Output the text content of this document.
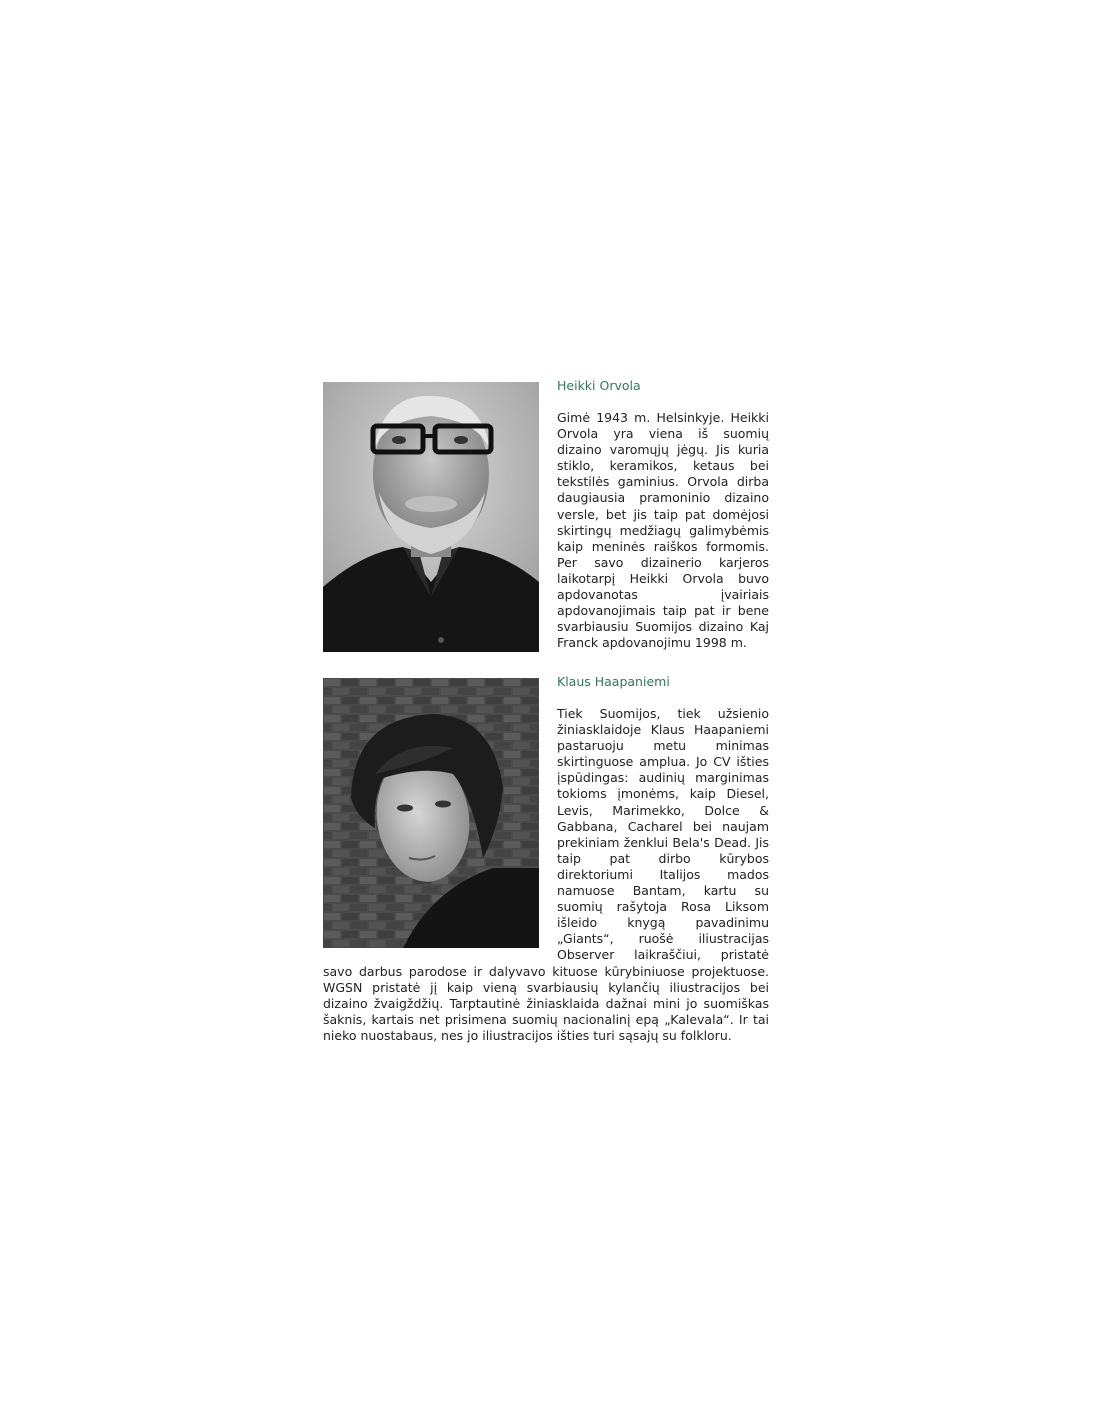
Heikki Orvola

Gimė 1943 m. Helsinkyje. Heikki Orvola yra viena iš suomių dizaino varomųjų jėgų. Jis kuria stiklo, keramikos, ketaus bei tekstilės gaminius. Orvola dirba daugiausia pramoninio dizaino versle, bet jis taip pat domėjosi skirtingų medžiagų galimybėmis kaip meninės raiškos formomis. Per savo dizainerio karjeros laikotarpį Heikki Orvola buvo apdovanotas įvairiais apdovanojimais taip pat ir bene svarbiausiu Suomijos dizaino Kaj Franck apdovanojimu 1998 m.

Klaus Haapaniemi

Tiek Suomijos, tiek užsienio žiniasklaidoje Klaus Haapaniemi pastaruoju metu minimas skirtinguose amplua. Jo CV išties įspūdingas: audinių marginimas tokioms įmonėms, kaip Diesel, Levis, Marimekko, Dolce & Gabbana, Cacharel bei naujam prekiniam ženklui Bela's Dead. Jis taip pat dirbo kūrybos direktoriumi Italijos mados namuose Bantam, kartu su suomių rašytoja Rosa Liksom išleido knygą pavadinimu „Giants“, ruošė iliustracijas Observer laikraščiui, pristatė savo darbus parodose ir dalyvavo kituose kūrybiniuose projektuose. WGSN pristatė jį kaip vieną svarbiausių kylančių iliustracijos bei dizaino žvaigždžių. Tarptautinė žiniasklaida dažnai mini jo suomiškas šaknis, kartais net prisimena suomių nacionalinį epą „Kalevala“. Ir tai nieko nuostabaus, nes jo iliustracijos išties turi sąsajų su folkloru.
